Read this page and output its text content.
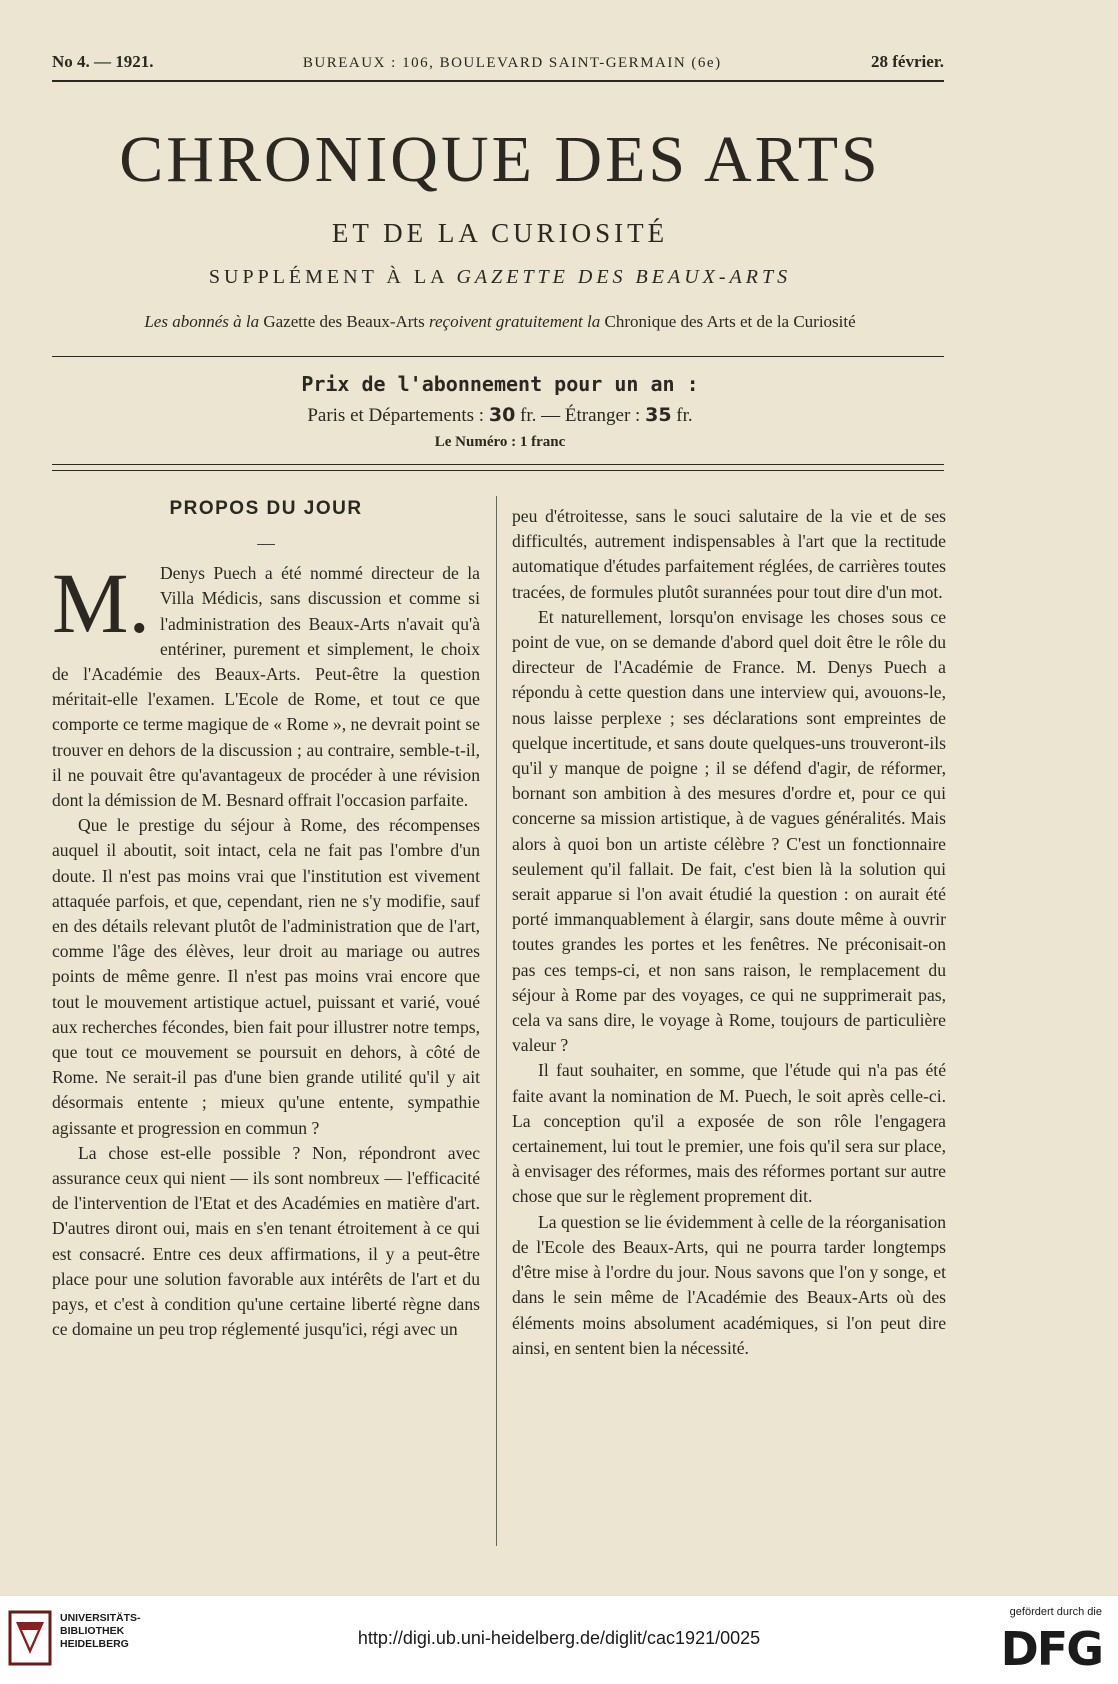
No 4. — 1921.	BUREAUX : 106, BOULEVARD SAINT-GERMAIN (6e)	28 février.
CHRONIQUE DES ARTS
ET DE LA CURIOSITÉ
SUPPLÉMENT À LA GAZETTE DES BEAUX-ARTS
Les abonnés à la Gazette des Beaux-Arts reçoivent gratuitement la Chronique des Arts et de la Curiosité
Prix de l'abonnement pour un an :
Paris et Départements : 30 fr. — Étranger : 35 fr.
Le Numéro : 1 franc
PROPOS DU JOUR
—

M. Denys Puech a été nommé directeur de la Villa Médicis, sans discussion et comme si l'administration des Beaux-Arts n'avait qu'à entériner, purement et simplement, le choix de l'Académie des Beaux-Arts. Peut-être la question méritait-elle l'examen. L'Ecole de Rome, et tout ce que comporte ce terme magique de « Rome », ne devrait point se trouver en dehors de la discussion ; au contraire, semble-t-il, il ne pouvait être qu'avantageux de procéder à une révision dont la démission de M. Besnard offrait l'occasion parfaite.

Que le prestige du séjour à Rome, des récompenses auquel il aboutit, soit intact, cela ne fait pas l'ombre d'un doute. Il n'est pas moins vrai que l'institution est vivement attaquée parfois, et que, cependant, rien ne s'y modifie, sauf en des détails relevant plutôt de l'administration que de l'art, comme l'âge des élèves, leur droit au mariage ou autres points de même genre. Il n'est pas moins vrai encore que tout le mouvement artistique actuel, puissant et varié, voué aux recherches fécondes, bien fait pour illustrer notre temps, que tout ce mouvement se poursuit en dehors, à côté de Rome. Ne serait-il pas d'une bien grande utilité qu'il y ait désormais entente ; mieux qu'une entente, sympathie agissante et progression en commun ?

La chose est-elle possible ? Non, répondront avec assurance ceux qui nient — ils sont nombreux — l'efficacité de l'intervention de l'Etat et des Académies en matière d'art. D'autres diront oui, mais en s'en tenant étroitement à ce qui est consacré. Entre ces deux affirmations, il y a peut-être place pour une solution favorable aux intérêts de l'art et du pays, et c'est à condition qu'une certaine liberté règne dans ce domaine un peu trop réglementé jusqu'ici, régi avec un

peu d'étroitesse, sans le souci salutaire de la vie et de ses difficultés, autrement indispensables à l'art que la rectitude automatique d'études parfaitement réglées, de carrières toutes tracées, de formules plutôt surannées pour tout dire d'un mot.

Et naturellement, lorsqu'on envisage les choses sous ce point de vue, on se demande d'abord quel doit être le rôle du directeur de l'Académie de France. M. Denys Puech a répondu à cette question dans une interview qui, avouons-le, nous laisse perplexe ; ses déclarations sont empreintes de quelque incertitude, et sans doute quelques-uns trouveront-ils qu'il y manque de poigne ; il se défend d'agir, de réformer, bornant son ambition à des mesures d'ordre et, pour ce qui concerne sa mission artistique, à de vagues généralités. Mais alors à quoi bon un artiste célèbre ? C'est un fonctionnaire seulement qu'il fallait. De fait, c'est bien là la solution qui serait apparue si l'on avait étudié la question : on aurait été porté immanquablement à élargir, sans doute même à ouvrir toutes grandes les portes et les fenêtres. Ne préconisait-on pas ces temps-ci, et non sans raison, le remplacement du séjour à Rome par des voyages, ce qui ne supprimerait pas, cela va sans dire, le voyage à Rome, toujours de particulière valeur ?

Il faut souhaiter, en somme, que l'étude qui n'a pas été faite avant la nomination de M. Puech, le soit après celle-ci. La conception qu'il a exposée de son rôle l'engagera certainement, lui tout le premier, une fois qu'il sera sur place, à envisager des réformes, mais des réformes portant sur autre chose que sur le règlement proprement dit.

La question se lie évidemment à celle de la réorganisation de l'Ecole des Beaux-Arts, qui ne pourra tarder longtemps d'être mise à l'ordre du jour. Nous savons que l'on y songe, et dans le sein même de l'Académie des Beaux-Arts où des éléments moins absolument académiques, si l'on peut dire ainsi, en sentent bien la nécessité.

UNIVERSITÄTS-
BIBLIOTHEK
HEIDELBERG	http://digi.ub.uni-heidelberg.de/diglit/cac1921/0025
gefördert durch die
DFG
